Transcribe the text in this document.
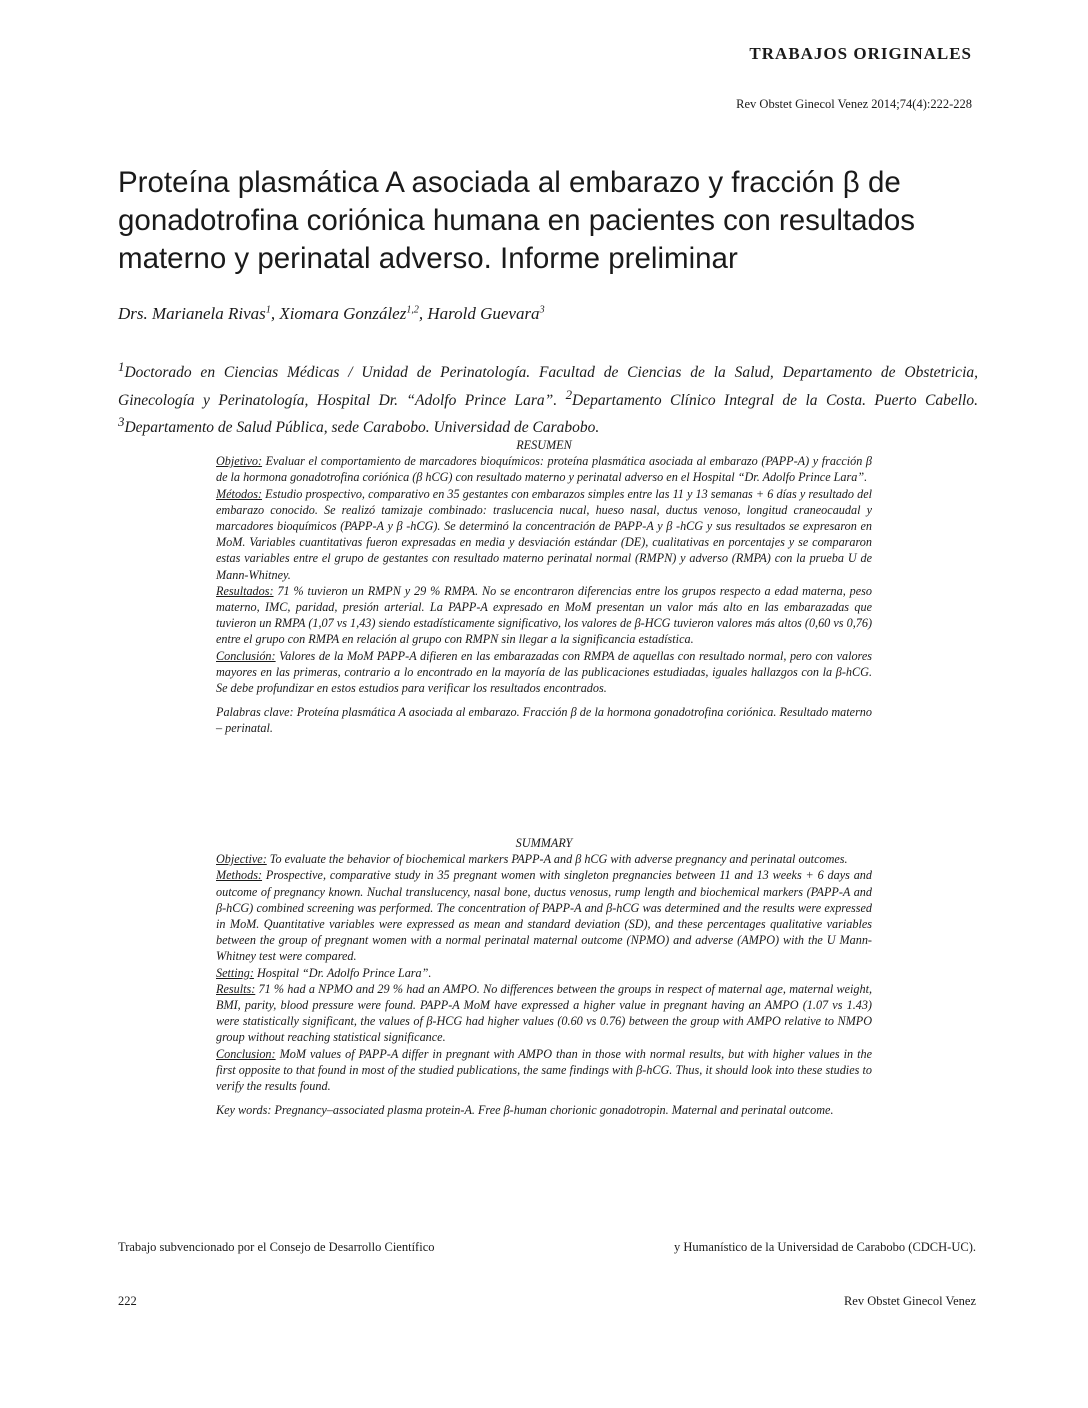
TRABAJOS ORIGINALES
Rev Obstet Ginecol Venez 2014;74(4):222-228
Proteína plasmática A asociada al embarazo y fracción β de gonadotrofina coriónica humana en pacientes con resultados materno y perinatal adverso. Informe preliminar
Drs. Marianela Rivas$^1$, Xiomara González$^{1,2}$, Harold Guevara$^3$
$^1$Doctorado en Ciencias Médicas / Unidad de Perinatología. Facultad de Ciencias de la Salud, Departamento de Obstetricia, Ginecología y Perinatología, Hospital Dr. “Adolfo Prince Lara”. $^2$Departamento Clínico Integral de la Costa. Puerto Cabello. $^3$Departamento de Salud Pública, sede Carabobo. Universidad de Carabobo.

RESUMEN

Objetivo: Evaluar el comportamiento de marcadores bioquímicos: proteína plasmática asociada al embarazo (PAPP-A) y fracción β de la hormona gonadotrofina coriónica (β hCG) con resultado materno y perinatal adverso en el Hospital “Dr. Adolfo Prince Lara”.

Métodos: Estudio prospectivo, comparativo en 35 gestantes con embarazos simples entre las 11 y 13 semanas + 6 días y resultado del embarazo conocido. Se realizó tamizaje combinado: traslucencia nucal, hueso nasal, ductus venoso, longitud craneocaudal y marcadores bioquímicos (PAPP-A y β -hCG). Se determinó la concentración de PAPP-A y β -hCG y sus resultados se expresaron en MoM. Variables cuantitativas fueron expresadas en media y desviación estándar (DE), cualitativas en porcentajes y se compararon estas variables entre el grupo de gestantes con resultado materno perinatal normal (RMPN) y adverso (RMPA) con la prueba U de Mann-Whitney.

Resultados: 71 % tuvieron un RMPN y 29 % RMPA. No se encontraron diferencias entre los grupos respecto a edad materna, peso materno, IMC, paridad, presión arterial. La PAPP-A expresado en MoM presentan un valor más alto en las embarazadas que tuvieron un RMPA (1,07 vs 1,43) siendo estadísticamente significativo, los valores de β-HCG tuvieron valores más altos (0,60 vs 0,76) entre el grupo con RMPA en relación al grupo con RMPN sin llegar a la significancia estadística.

Conclusión: Valores de la MoM PAPP-A difieren en las embarazadas con RMPA de aquellas con resultado normal, pero con valores mayores en las primeras, contrario a lo encontrado en la mayoría de las publicaciones estudiadas, iguales hallazgos con la β-hCG. Se debe profundizar en estos estudios para verificar los resultados encontrados.

Palabras clave: Proteína plasmática A asociada al embarazo. Fracción β de la hormona gonadotrofina coriónica. Resultado materno – perinatal.

SUMMARY

Objective: To evaluate the behavior of biochemical markers PAPP-A and β hCG with adverse pregnancy and perinatal outcomes.

Methods: Prospective, comparative study in 35 pregnant women with singleton pregnancies between 11 and 13 weeks + 6 days and outcome of pregnancy known. Nuchal translucency, nasal bone, ductus venosus, rump length and biochemical markers (PAPP-A and β-hCG) combined screening was performed. The concentration of PAPP-A and β-hCG was determined and the results were expressed in MoM. Quantitative variables were expressed as mean and standard deviation (SD), and these percentages qualitative variables between the group of pregnant women with a normal perinatal maternal outcome (NPMO) and adverse (AMPO) with the U Mann-Whitney test were compared.

Setting: Hospital “Dr. Adolfo Prince Lara”.

Results: 71 % had a NPMO and 29 % had an AMPO. No differences between the groups in respect of maternal age, maternal weight, BMI, parity, blood pressure were found. PAPP-A MoM have expressed a higher value in pregnant having an AMPO (1.07 vs 1.43) were statistically significant, the values of β-HCG had higher values (0.60 vs 0.76) between the group with AMPO relative to NMPO group without reaching statistical significance.

Conclusion: MoM values of PAPP-A differ in pregnant with AMPO than in those with normal results, but with higher values in the first opposite to that found in most of the studied publications, the same findings with β-hCG. Thus, it should look into these studies to verify the results found.

Key words: Pregnancy–associated plasma protein-A. Free β-human chorionic gonadotropin. Maternal and perinatal outcome.

Trabajo subvencionado por el Consejo de Desarrollo Científico	y Humanístico de la Universidad de Carabobo (CDCH-UC).
222	Rev Obstet Ginecol Venez
